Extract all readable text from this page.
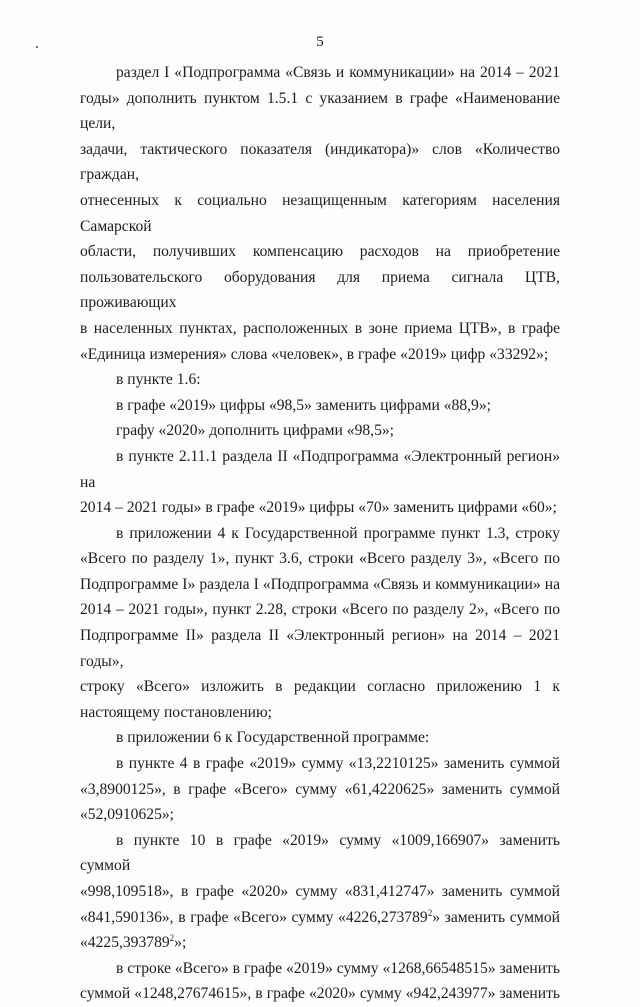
5

раздел I «Подпрограмма «Связь и коммуникации» на 2014 – 2021

годы» дополнить пунктом 1.5.1 с указанием в графе «Наименование цели,

задачи, тактического показателя (индикатора)» слов «Количество граждан,

отнесенных к социально незащищенным категориям населения Самарской

области, получивших компенсацию расходов на приобретение

пользовательского оборудования для приема сигнала ЦТВ, проживающих

в населенных пунктах, расположенных в зоне приема ЦТВ», в графе

«Единица измерения» слова «человек», в графе «2019» цифр «33292»;

в пункте 1.6:

в графе «2019» цифры «98,5» заменить цифрами «88,9»;

графу «2020» дополнить цифрами «98,5»;

в пункте 2.11.1 раздела II «Подпрограмма «Электронный регион» на

2014 – 2021 годы» в графе «2019» цифры «70» заменить цифрами «60»;

в приложении 4 к Государственной программе пункт 1.3, строку

«Всего по разделу 1», пункт 3.6, строки «Всего разделу 3», «Всего по

Подпрограмме I» раздела I «Подпрограмма «Связь и коммуникации» на

2014 – 2021 годы», пункт 2.28, строки «Всего по разделу 2», «Всего по

Подпрограмме II» раздела II «Электронный регион» на 2014 – 2021 годы»,

строку «Всего» изложить в редакции согласно приложению 1 к

настоящему постановлению;

в приложении 6 к Государственной программе:

в пункте 4 в графе «2019» сумму «13,2210125» заменить суммой

«3,8900125», в графе «Всего» сумму «61,4220625» заменить суммой

«52,0910625»;

в пункте 10 в графе «2019» сумму «1009,166907» заменить суммой

«998,109518», в графе «2020» сумму «831,412747» заменить суммой

«841,590136», в графе «Всего» сумму «4226,273789$^2$» заменить суммой

«4225,393789$^2$»;

в строке «Всего» в графе «2019» сумму «1268,66548515» заменить

суммой «1248,27674615», в графе «2020» сумму «942,243977» заменить
